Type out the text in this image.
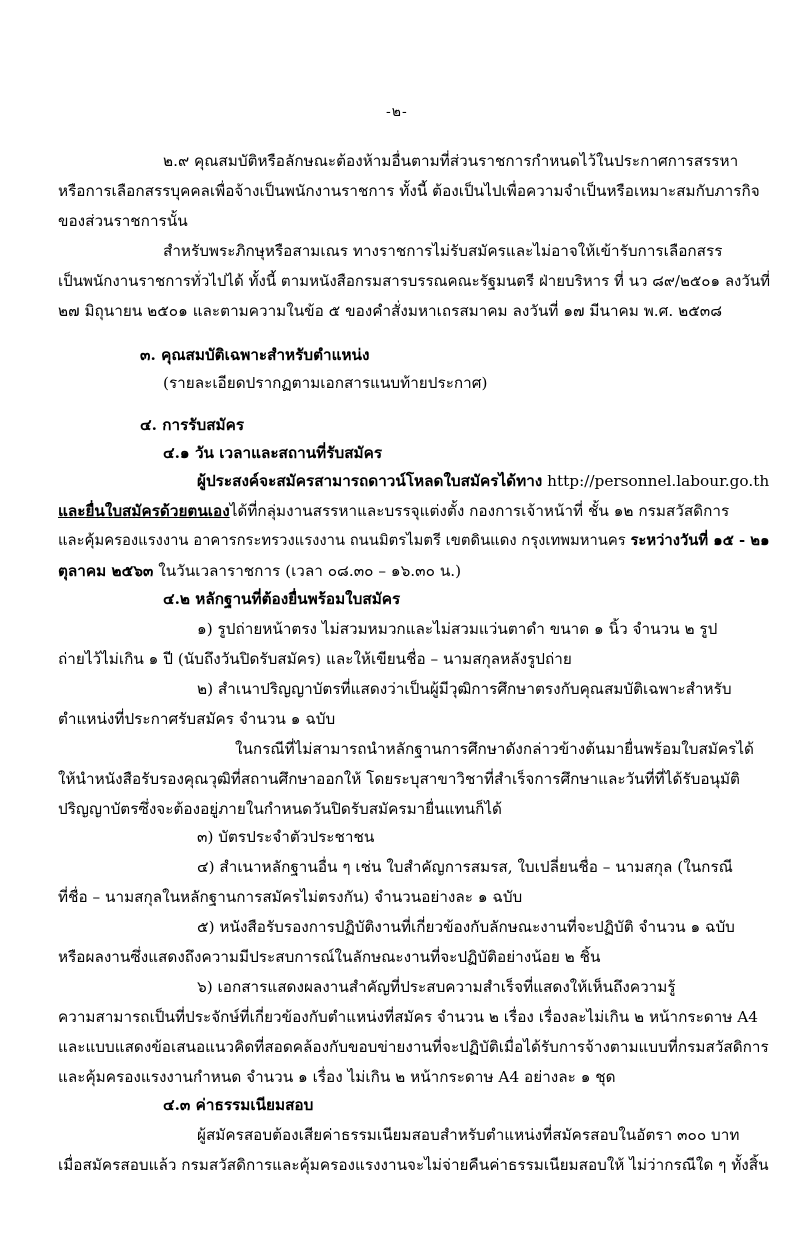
-๒-
๒.๙ คุณสมบัติหรือลักษณะต้องห้ามอื่นตามที่ส่วนราชการกำหนดไว้ในประกาศการสรรหา
หรือการเลือกสรรบุคคลเพื่อจ้างเป็นพนักงานราชการ ทั้งนี้ ต้องเป็นไปเพื่อความจำเป็นหรือเหมาะสมกับภารกิจ
ของส่วนราชการนั้น
สำหรับพระภิกษุหรือสามเณร ทางราชการไม่รับสมัครและไม่อาจให้เข้ารับการเลือกสรร
เป็นพนักงานราชการทั่วไปได้ ทั้งนี้ ตามหนังสือกรมสารบรรณคณะรัฐมนตรี ฝ่ายบริหาร ที่ นว ๘๙/๒๕๐๑ ลงวันที่
๒๗ มิถุนายน ๒๕๐๑ และตามความในข้อ ๕ ของคำสั่งมหาเถรสมาคม ลงวันที่ ๑๗ มีนาคม พ.ศ. ๒๕๓๘
๓. คุณสมบัติเฉพาะสำหรับตำแหน่ง
(รายละเอียดปรากฏตามเอกสารแนบท้ายประกาศ)
๔. การรับสมัคร
๔.๑ วัน เวลาและสถานที่รับสมัคร
ผู้ประสงค์จะสมัครสามารถดาวน์โหลดใบสมัครได้ทาง http://personnel.labour.go.th
และยื่นใบสมัครด้วยตนเองได้ที่กลุ่มงานสรรหาและบรรจุแต่งตั้ง กองการเจ้าหน้าที่ ชั้น ๑๒ กรมสวัสดิการ
และคุ้มครองแรงงาน อาคารกระทรวงแรงงาน ถนนมิตรไมตรี เขตดินแดง กรุงเทพมหานคร ระหว่างวันที่ ๑๕ - ๒๑
ตุลาคม ๒๕๖๓ ในวันเวลาราชการ (เวลา ๐๘.๓๐ – ๑๖.๓๐ น.)
๔.๒ หลักฐานที่ต้องยื่นพร้อมใบสมัคร
๑) รูปถ่ายหน้าตรง ไม่สวมหมวกและไม่สวมแว่นตาดำ ขนาด ๑ นิ้ว จำนวน ๒ รูป
ถ่ายไว้ไม่เกิน ๑ ปี (นับถึงวันปิดรับสมัคร) และให้เขียนชื่อ – นามสกุลหลังรูปถ่าย
๒) สำเนาปริญญาบัตรที่แสดงว่าเป็นผู้มีวุฒิการศึกษาตรงกับคุณสมบัติเฉพาะสำหรับ
ตำแหน่งที่ประกาศรับสมัคร จำนวน ๑ ฉบับ
ในกรณีที่ไม่สามารถนำหลักฐานการศึกษาดังกล่าวข้างต้นมายื่นพร้อมใบสมัครได้
ให้นำหนังสือรับรองคุณวุฒิที่สถานศึกษาออกให้ โดยระบุสาขาวิชาที่สำเร็จการศึกษาและวันที่ที่ได้รับอนุมัติ
ปริญญาบัตรซึ่งจะต้องอยู่ภายในกำหนดวันปิดรับสมัครมายื่นแทนก็ได้
๓) บัตรประจำตัวประชาชน
๔) สำเนาหลักฐานอื่น ๆ เช่น ใบสำคัญการสมรส, ใบเปลี่ยนชื่อ – นามสกุล (ในกรณี
ที่ชื่อ – นามสกุลในหลักฐานการสมัครไม่ตรงกัน) จำนวนอย่างละ ๑ ฉบับ
๕) หนังสือรับรองการปฏิบัติงานที่เกี่ยวข้องกับลักษณะงานที่จะปฏิบัติ จำนวน ๑ ฉบับ
หรือผลงานซึ่งแสดงถึงความมีประสบการณ์ในลักษณะงานที่จะปฏิบัติอย่างน้อย ๒ ชิ้น
๖) เอกสารแสดงผลงานสำคัญที่ประสบความสำเร็จที่แสดงให้เห็นถึงความรู้
ความสามารถเป็นที่ประจักษ์ที่เกี่ยวข้องกับตำแหน่งที่สมัคร จำนวน ๒ เรื่อง เรื่องละไม่เกิน ๒ หน้ากระดาษ A4
และแบบแสดงข้อเสนอแนวคิดที่สอดคล้องกับขอบข่ายงานที่จะปฏิบัติเมื่อได้รับการจ้างตามแบบที่กรมสวัสดิการ
และคุ้มครองแรงงานกำหนด จำนวน ๑ เรื่อง ไม่เกิน ๒ หน้ากระดาษ A4 อย่างละ ๑ ชุด
๔.๓ ค่าธรรมเนียมสอบ
ผู้สมัครสอบต้องเสียค่าธรรมเนียมสอบสำหรับตำแหน่งที่สมัครสอบในอัตรา ๓๐๐ บาท
เมื่อสมัครสอบแล้ว กรมสวัสดิการและคุ้มครองแรงงานจะไม่จ่ายคืนค่าธรรมเนียมสอบให้ ไม่ว่ากรณีใด ๆ ทั้งสิ้น
